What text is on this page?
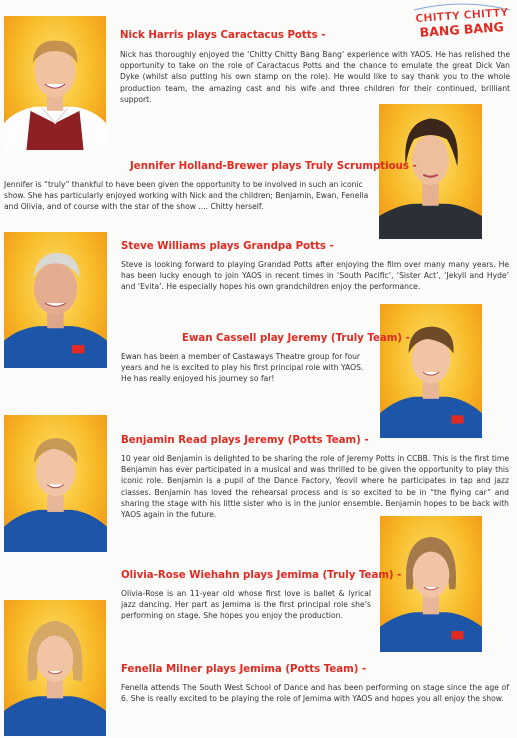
CHITTY CHITTY
BANG BANG
Nick Harris plays Caractacus Potts -
Nick has thoroughly enjoyed the ‘Chitty Chitty Bang Bang’ experience with YAOS. He has relished the opportunity to take on the role of Caractacus Potts and the chance to emulate the great Dick Van Dyke (whilst also putting his own stamp on the role). He would like to say thank you to the whole production team, the amazing cast and his wife and three children for their continued, brilliant support.
Jennifer Holland-Brewer plays Truly Scrumptious -
Jennifer is “truly” thankful to have been given the opportunity to be involved in such an iconic show. She has particularly enjoyed working with Nick and the children; Benjamin, Ewan, Fenella and Olivia, and of course with the star of the show .... Chitty herself.
Steve Williams plays Grandpa Potts -
Steve is looking forward to playing Grandad Potts after enjoying the film over many many years. He has been lucky enough to join YAOS in recent times in ‘South Pacific’, ‘Sister Act’, ‘Jekyll and Hyde’ and ‘Evita’. He especially hopes his own grandchildren enjoy the performance.
Ewan Cassell play Jeremy (Truly Team) -
Ewan has been a member of Castaways Theatre group for four years and he is excited to play his first principal role with YAOS. He has really enjoyed his journey so far!
Benjamin Read plays Jeremy (Potts Team) -
10 year old Benjamin is delighted to be sharing the role of Jeremy Potts in CCBB. This is the first time Benjamin has ever participated in a musical and was thrilled to be given the opportunity to play this iconic role. Benjamin is a pupil of the Dance Factory, Yeovil where he participates in tap and jazz classes. Benjamin has loved the rehearsal process and is so excited to be in “the flying car” and sharing the stage with his little sister who is in the junior ensemble. Benjamin hopes to be back with YAOS again in the future.
Olivia-Rose Wiehahn plays Jemima (Truly Team) -
Olivia-Rose is an 11-year old whose first love is ballet & lyrical jazz dancing. Her part as Jemima is the first principal role she’s performing on stage. She hopes you enjoy the production.
Fenella Milner plays Jemima (Potts Team) -
Fenella attends The South West School of Dance and has been performing on stage since the age of 6. She is really excited to be playing the role of Jemima with YAOS and hopes you all enjoy the show.
